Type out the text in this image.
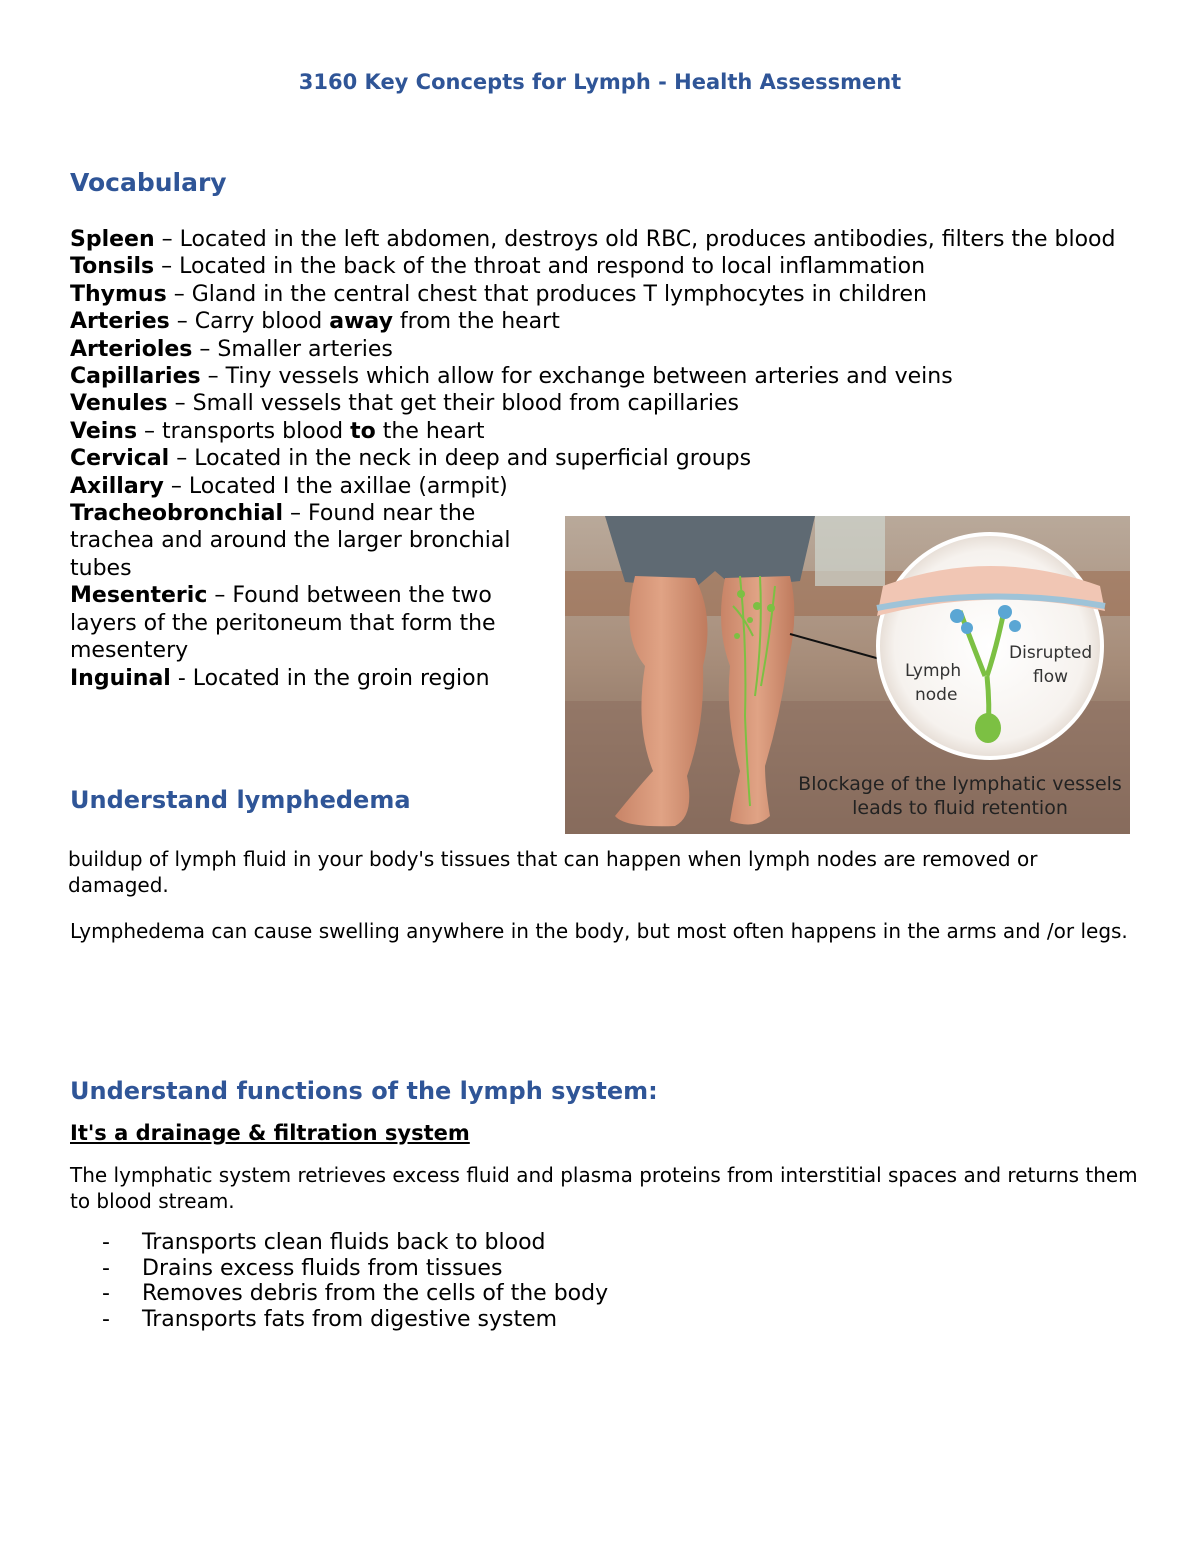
3160 Key Concepts for Lymph - Health Assessment
Vocabulary

Spleen – Located in the left abdomen, destroys old RBC, produces antibodies, filters the blood

Tonsils – Located in the back of the throat and respond to local inflammation

Thymus – Gland in the central chest that produces T lymphocytes in children

Arteries – Carry blood away from the heart

Arterioles – Smaller arteries

Capillaries – Tiny vessels which allow for exchange between arteries and veins

Venules – Small vessels that get their blood from capillaries

Veins – transports blood to the heart

Cervical – Located in the neck in deep and superficial groups

Axillary – Located I the axillae (armpit)

Tracheobronchial – Found near the trachea and around the larger bronchial tubes

Mesenteric – Found between the two layers of the peritoneum that form the mesentery

Inguinal - Located in the groin region	Lymph
node
Disrupted
flow
Blockage of the lymphatic vessels
leads to fluid retention
Understand lymphedema

buildup of lymph fluid in your body's tissues that can happen when lymph nodes are removed or damaged.

Lymphedema can cause swelling anywhere in the body, but most often happens in the arms and /or legs.

Understand functions of the lymph system:

It's a drainage & filtration system

The lymphatic system retrieves excess fluid and plasma proteins from interstitial spaces and returns them to blood stream.

-	Transports clean fluids back to blood
-	Drains excess fluids from tissues
-	Removes debris from the cells of the body
-	Transports fats from digestive system
